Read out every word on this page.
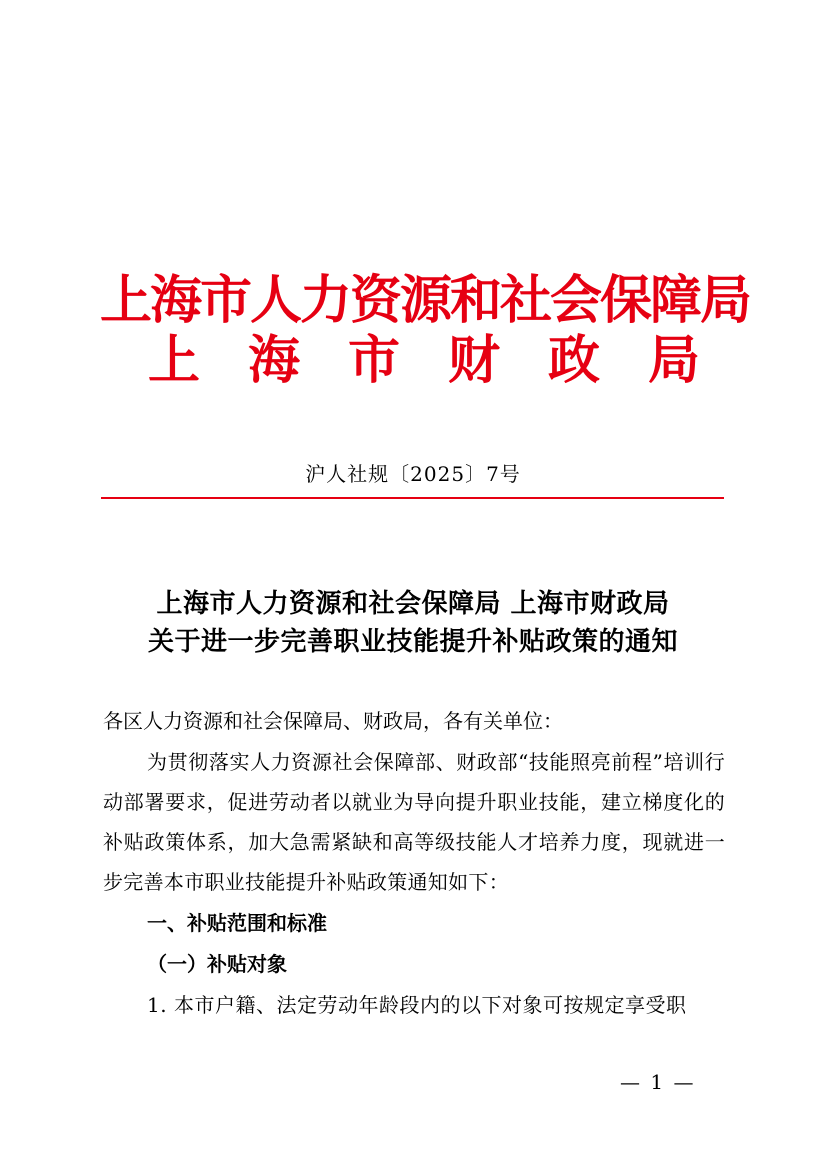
上海市人力资源和社会保障局
上海市财政局
沪人社规〔2025〕7号
上海市人力资源和社会保障局 上海市财政局
关于进一步完善职业技能提升补贴政策的通知
各区人力资源和社会保障局、财政局，各有关单位：
为贯彻落实人力资源社会保障部、财政部“技能照亮前程”培训行动部署要求，促进劳动者以就业为导向提升职业技能，建立梯度化的补贴政策体系，加大急需紧缺和高等级技能人才培养力度，现就进一步完善本市职业技能提升补贴政策通知如下：
一、补贴范围和标准
（一）补贴对象
1. 本市户籍、法定劳动年龄段内的以下对象可按规定享受职
— 1 —
